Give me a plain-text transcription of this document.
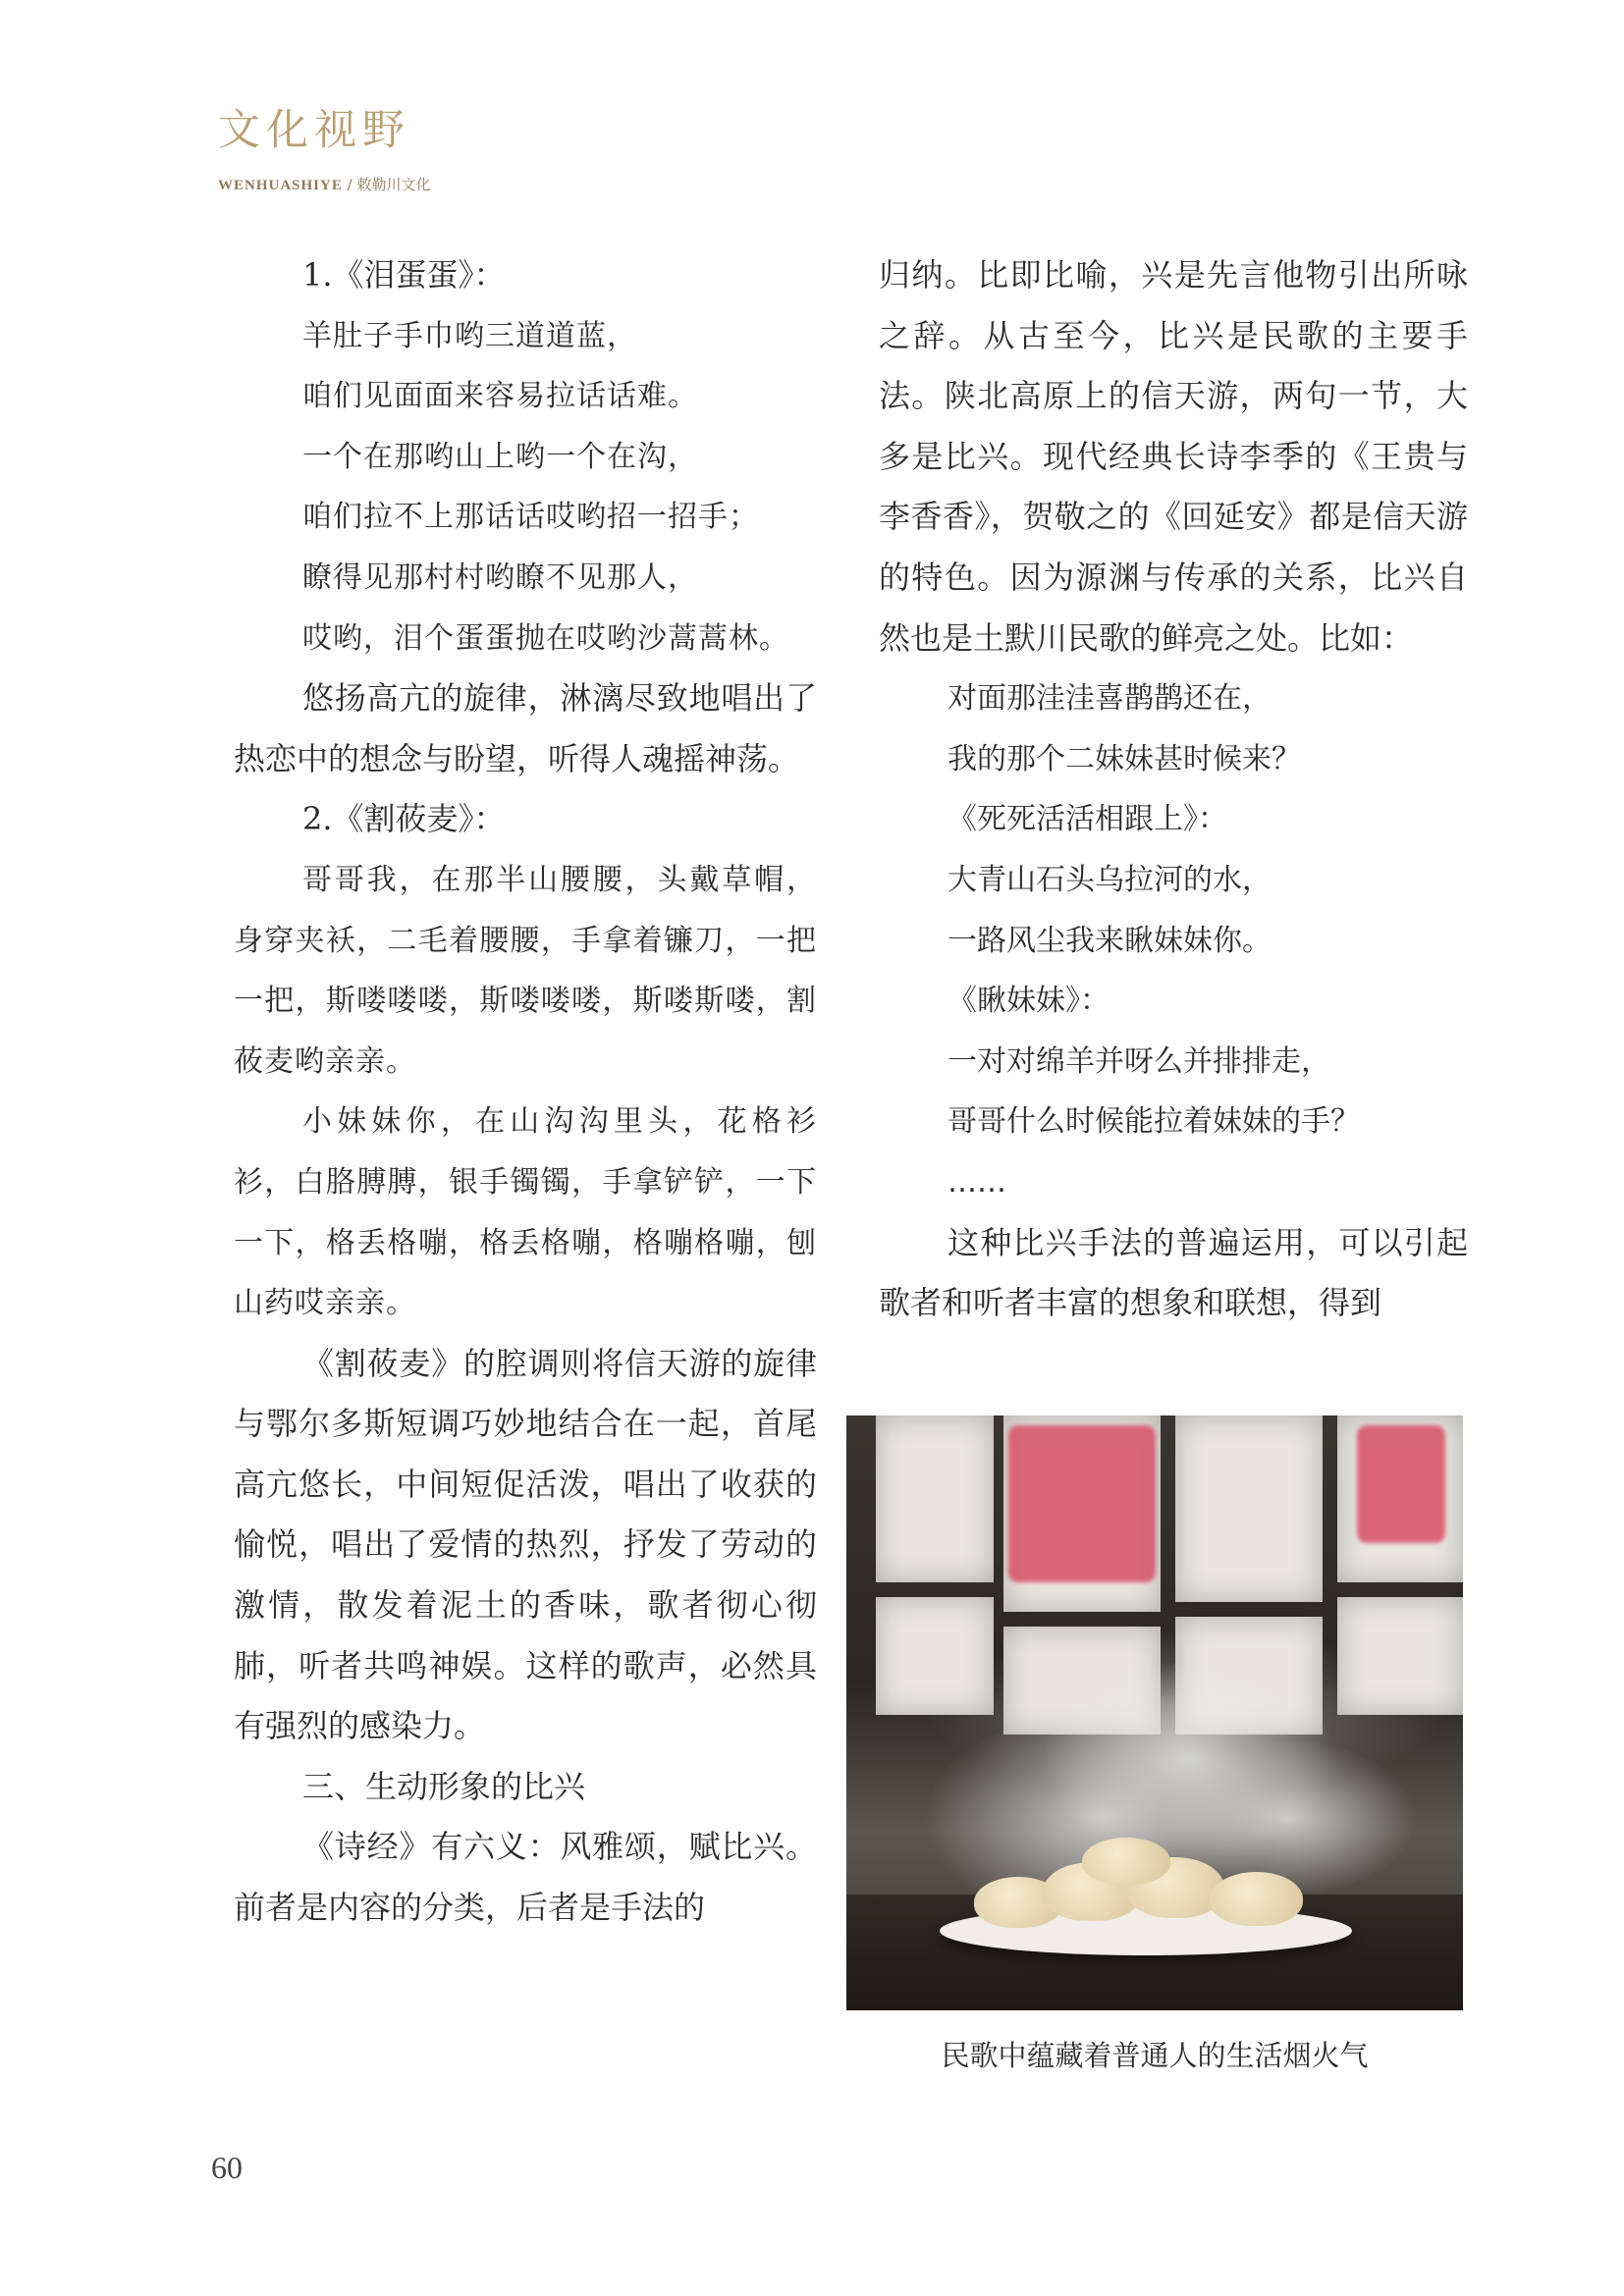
文化视野
WENHUASHIYE / 敕勒川文化

1.《泪蛋蛋》：

羊肚子手巾哟三道道蓝，

咱们见面面来容易拉话话难。

一个在那哟山上哟一个在沟，

咱们拉不上那话话哎哟招一招手；

瞭得见那村村哟瞭不见那人，

哎哟，泪个蛋蛋抛在哎哟沙蒿蒿林。

悠扬高亢的旋律，淋漓尽致地唱出了热恋中的想念与盼望，听得人魂摇神荡。

2.《割莜麦》：

哥哥我，在那半山腰腰，头戴草帽，身穿夹袄，二毛着腰腰，手拿着镰刀，一把一把，斯喽喽喽，斯喽喽喽，斯喽斯喽，割莜麦哟亲亲。

小妹妹你，在山沟沟里头，花格衫衫，白胳膊膊，银手镯镯，手拿铲铲，一下一下，格丢格嘣，格丢格嘣，格嘣格嘣，刨山药哎亲亲。

《割莜麦》的腔调则将信天游的旋律与鄂尔多斯短调巧妙地结合在一起，首尾高亢悠长，中间短促活泼，唱出了收获的愉悦，唱出了爱情的热烈，抒发了劳动的激情，散发着泥土的香味，歌者彻心彻肺，听者共鸣神娱。这样的歌声，必然具有强烈的感染力。

三、生动形象的比兴

《诗经》有六义：风雅颂，赋比兴。前者是内容的分类，后者是手法的

归纳。比即比喻，兴是先言他物引出所咏之辞。从古至今，比兴是民歌的主要手法。陕北高原上的信天游，两句一节，大多是比兴。现代经典长诗李季的《王贵与李香香》，贺敬之的《回延安》都是信天游的特色。因为源渊与传承的关系，比兴自然也是土默川民歌的鲜亮之处。比如：

对面那洼洼喜鹊鹊还在，

我的那个二妹妹甚时候来？

《死死活活相跟上》：

大青山石头乌拉河的水，

一路风尘我来瞅妹妹你。

《瞅妹妹》：

一对对绵羊并呀么并排排走，

哥哥什么时候能拉着妹妹的手？

……

这种比兴手法的普遍运用，可以引起歌者和听者丰富的想象和联想，得到

民歌中蕴藏着普通人的生活烟火气
60
